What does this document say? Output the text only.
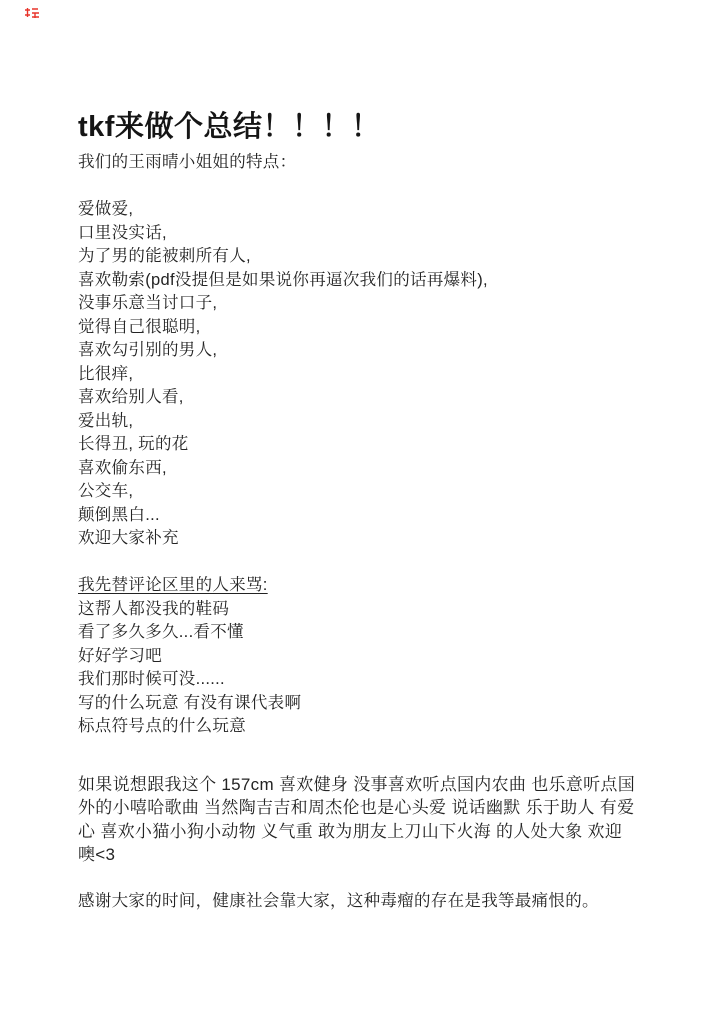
tkf来做个总结！！！！
我们的王雨晴小姐姐的特点：
爱做爱,
口里没实话,
为了男的能被刺所有人,
喜欢勒索(pdf没提但是如果说你再逼次我们的话再爆料),
没事乐意当讨口子,
觉得自己很聪明,
喜欢勾引别的男人,
比很痒,
喜欢给别人看,
爱出轨,
长得丑, 玩的花
喜欢偷东西,
公交车,
颠倒黑白...
欢迎大家补充
我先替评论区里的人来骂:
这帮人都没我的鞋码
看了多久多久...看不懂
好好学习吧
我们那时候可没......
写的什么玩意 有没有课代表啊
标点符号点的什么玩意
如果说想跟我这个 157cm 喜欢健身 没事喜欢听点国内农曲 也乐意听点国
外的小嘻哈歌曲 当然陶吉吉和周杰伦也是心头爱 说话幽默 乐于助人 有爱
心 喜欢小猫小狗小动物 义气重 敢为朋友上刀山下火海 的人处大象 欢迎
噢<3
感谢大家的时间，健康社会靠大家，这种毒瘤的存在是我等最痛恨的。
